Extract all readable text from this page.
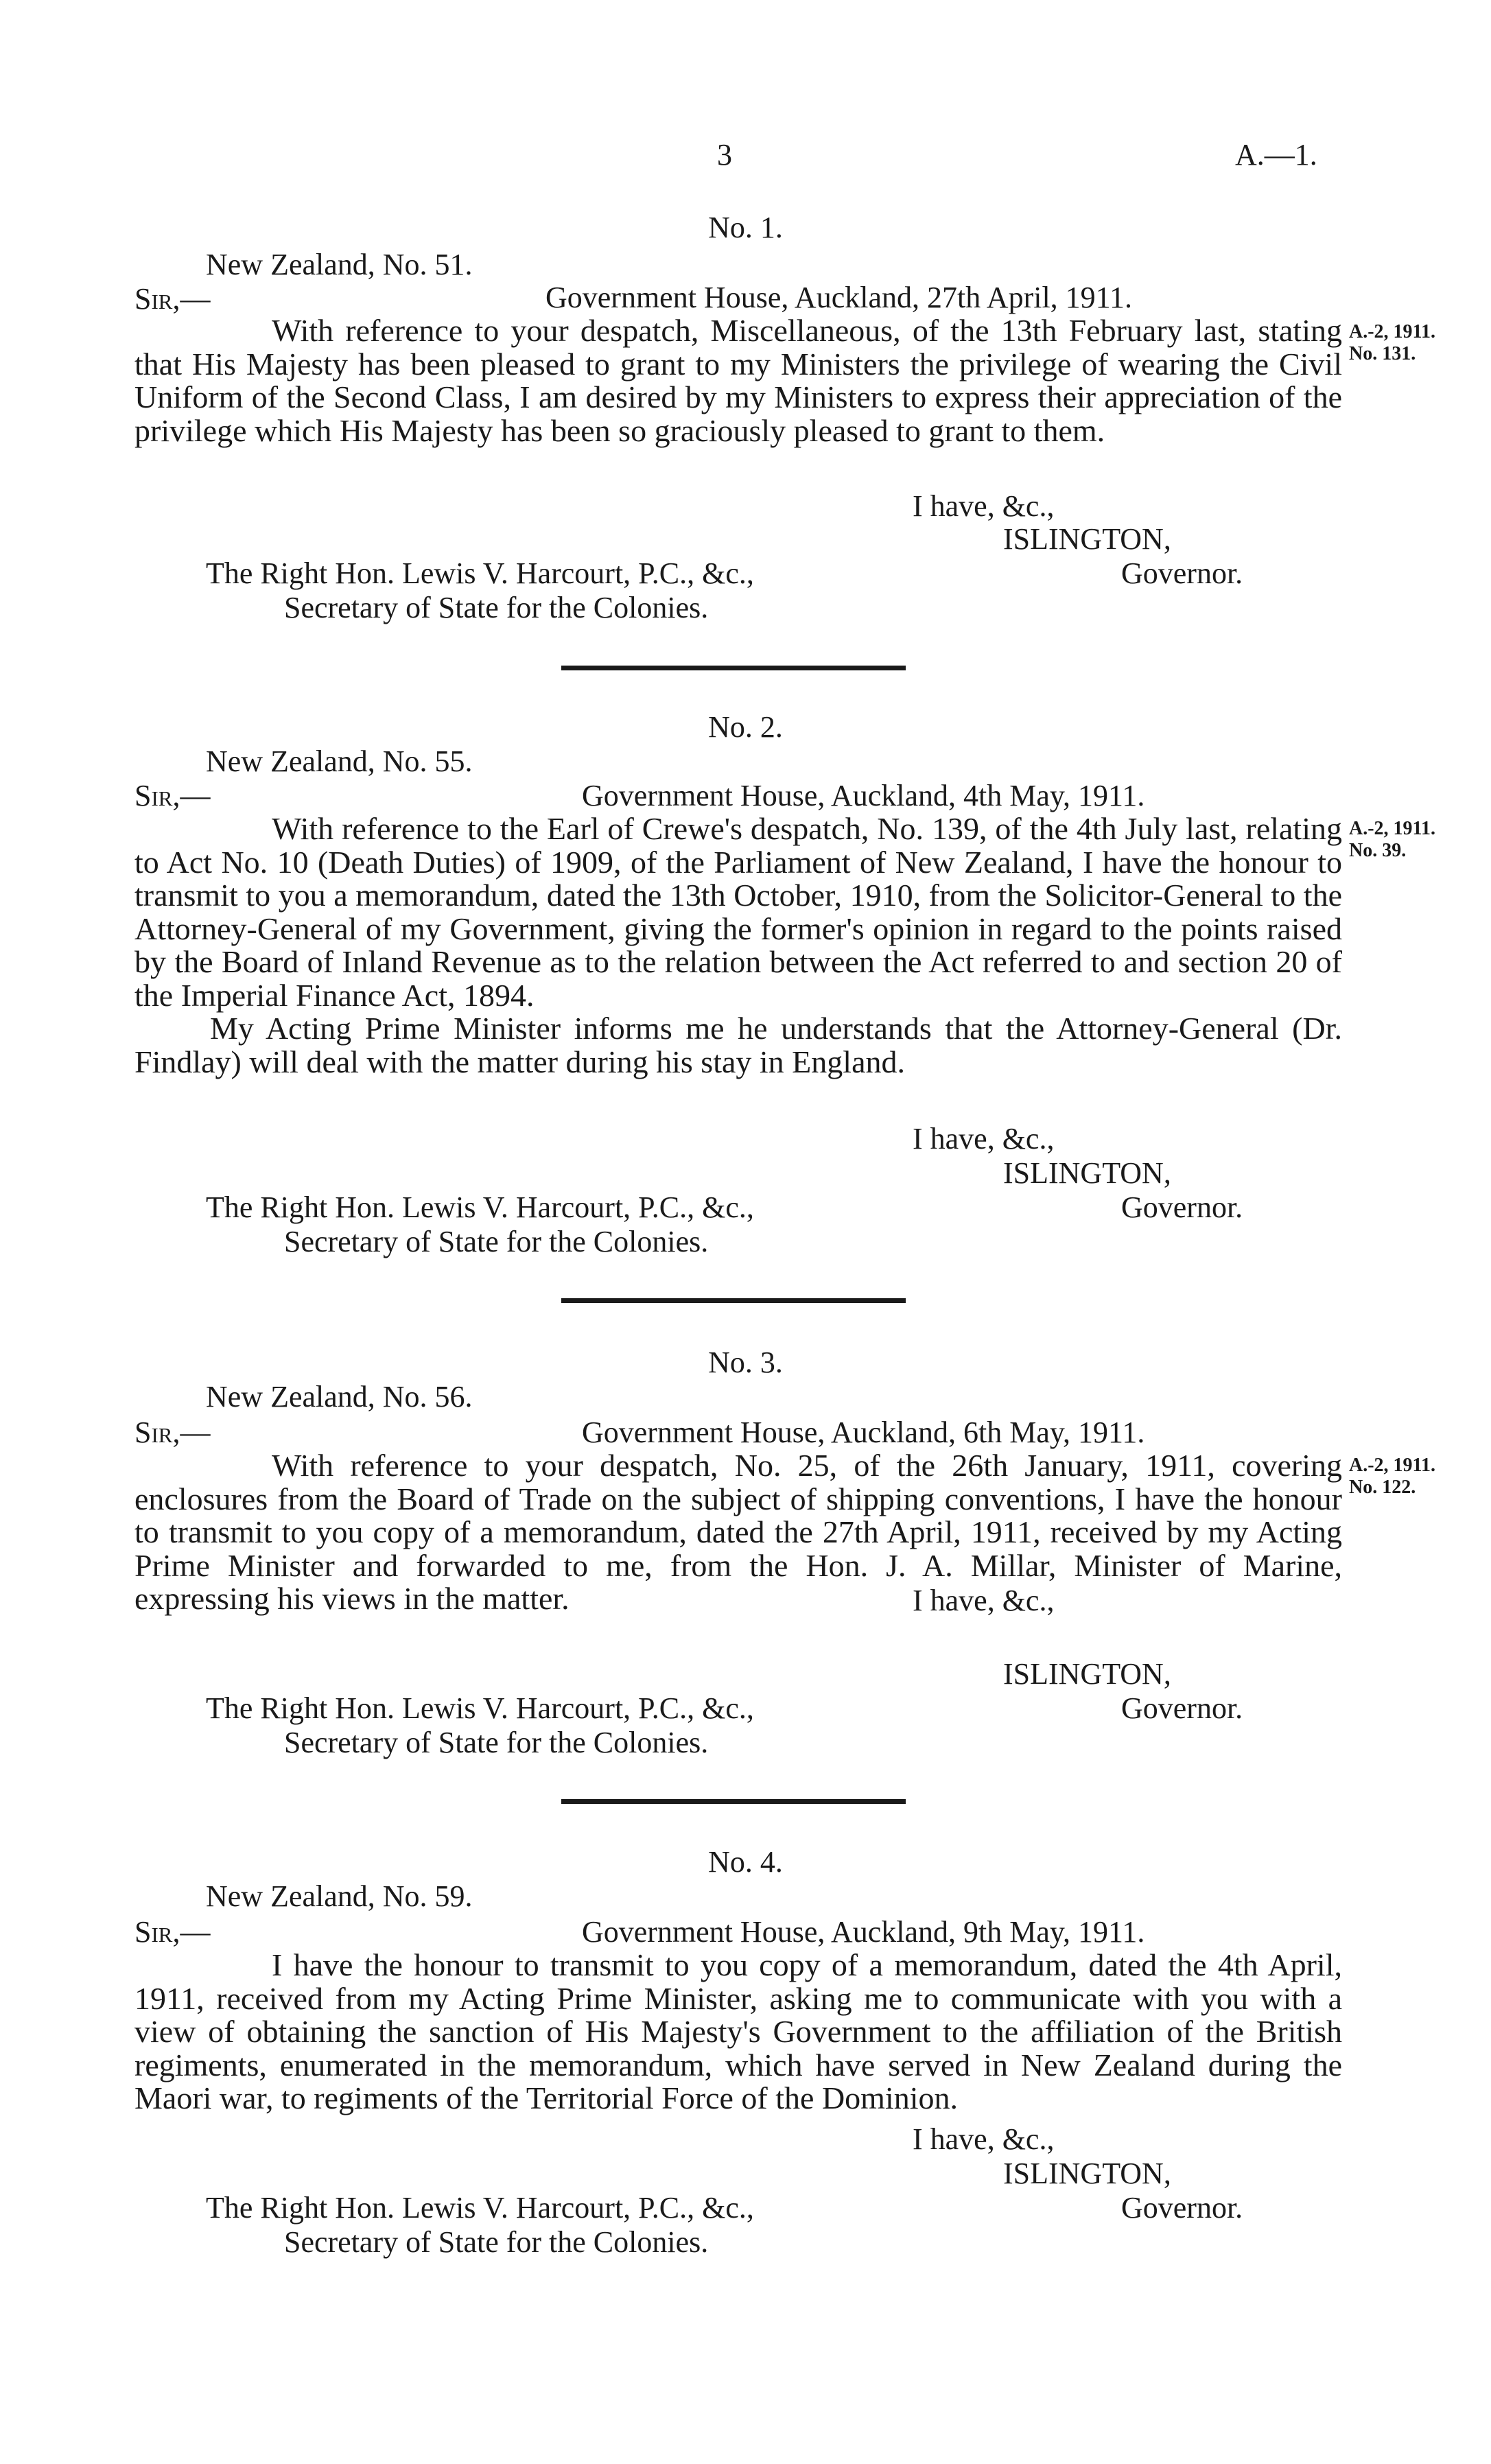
3	A.—1.
No. 1.
New Zealand, No. 51.
Sir,—	Government House, Auckland, 27th April, 1911.

With reference to your despatch, Miscellaneous, of the 13th February last, stating that His Majesty has been pleased to grant to my Ministers the privilege of wearing the Civil Uniform of the Second Class, I am desired by my Ministers to express their appreciation of the privilege which His Majesty has been so graciously pleased to grant to them.

A.-2, 1911.
No. 131.
I have, &c.,
ISLINGTON,
Governor.
The Right Hon. Lewis V. Harcourt, P.C., &c.,
Secretary of State for the Colonies.
No. 2.
New Zealand, No. 55.
Sir,—	Government House, Auckland, 4th May, 1911.

With reference to the Earl of Crewe's despatch, No. 139, of the 4th July last, relating to Act No. 10 (Death Duties) of 1909, of the Parliament of New Zealand, I have the honour to transmit to you a memorandum, dated the 13th October, 1910, from the Solicitor-General to the Attorney-General of my Government, giving the former's opinion in regard to the points raised by the Board of Inland Revenue as to the relation between the Act referred to and section 20 of the Imperial Finance Act, 1894.

My Acting Prime Minister informs me he understands that the Attorney-General (Dr. Findlay) will deal with the matter during his stay in England.

A.-2, 1911.
No. 39.
I have, &c.,
ISLINGTON,
Governor.
The Right Hon. Lewis V. Harcourt, P.C., &c.,
Secretary of State for the Colonies.
No. 3.
New Zealand, No. 56.
Sir,—	Government House, Auckland, 6th May, 1911.

With reference to your despatch, No. 25, of the 26th January, 1911, covering enclosures from the Board of Trade on the subject of shipping conventions, I have the honour to transmit to you copy of a memorandum, dated the 27th April, 1911, received by my Acting Prime Minister and forwarded to me, from the Hon. J. A. Millar, Minister of Marine, expressing his views in the matter.

A.-2, 1911.
No. 122.
ISLINGTON,
I have, &c.,
Governor.
The Right Hon. Lewis V. Harcourt, P.C., &c.,
Secretary of State for the Colonies.
No. 4.
New Zealand, No. 59.
Sir,—	Government House, Auckland, 9th May, 1911.

I have the honour to transmit to you copy of a memorandum, dated the 4th April, 1911, received from my Acting Prime Minister, asking me to communicate with you with a view of obtaining the sanction of His Majesty's Government to the affiliation of the British regiments, enumerated in the memorandum, which have served in New Zealand during the Maori war, to regiments of the Territorial Force of the Dominion.

I have, &c.,
ISLINGTON,
Governor.
The Right Hon. Lewis V. Harcourt, P.C., &c.,
Secretary of State for the Colonies.
